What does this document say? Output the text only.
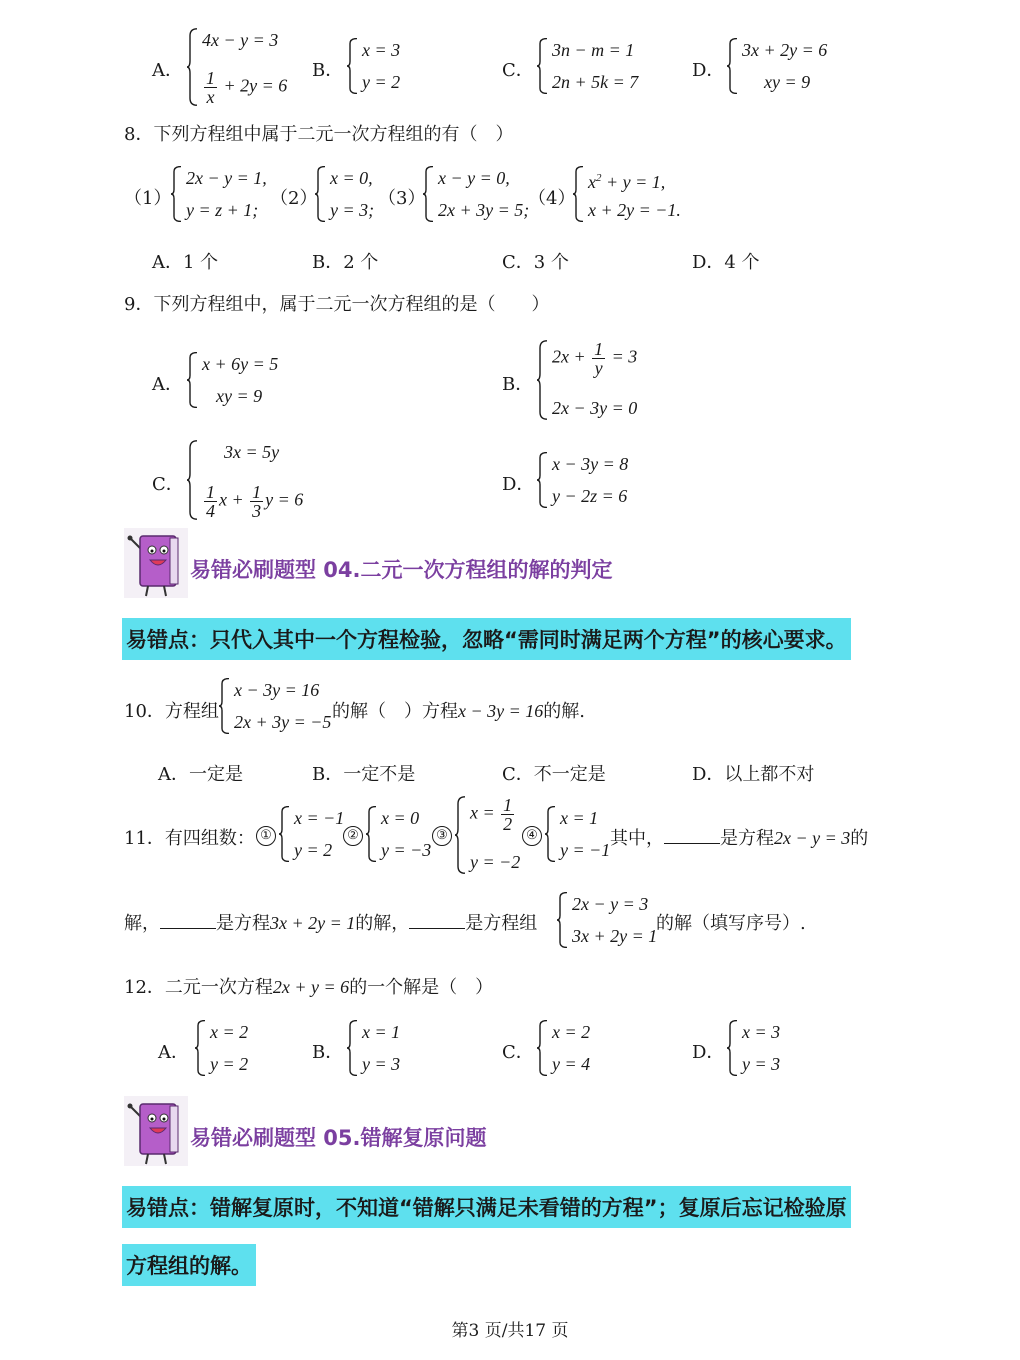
A．
4x − y = 3
$\frac{1}{x} + 2y = 6$
B．
x = 3
y = 2
C．
3n − m = 1
2n + 5k = 7
D．
3x + 2y = 6
xy = 9
8．下列方程组中属于二元一次方程组的有（　）
（1）
2x − y = 1,
y = z + 1;
（2）
x = 0,
y = 3;
（3）
x − y = 0,
2x + 3y = 5;
（4）
$x^2 + y = 1$,
x + 2y = −1.
A．1 个	B．2 个	C．3 个	D．4 个
9．下列方程组中，属于二元一次方程组的是（　　）
A．
x + 6y = 5
xy = 9
B．
$2x + \frac{1}{y} = 3$
2x − 3y = 0
C．
3x = 5y
$\frac{1}{4}$ $x + \frac{1}{3}$ y = 6
D．
x − 3y = 8
y − 2z = 6
易错必刷题型 04.二元一次方程组的解的判定
易错点：只代入其中一个方程检验，忽略“需同时满足两个方程”的核心要求。
10．方程组
x − 3y = 16
2x + 3y = −5 的解（　）方程x − 3y = 16的解.
A．一定是	B．一定不是	C．不一定是	D．以上都不对
11．有四组数： ①
x = −1
y = 2
②
x = 0
y = −3
③
$x = \frac{1}{2}$
y = −2
④
x = 1
y = −1
其中，	是方程2x − y = 3的
解，	是方程3x + 2y = 1的解，	是方程组
2x − y = 3
3x + 2y = 1
的解（填写序号）.
12．二元一次方程2x + y = 6的一个解是（　）
A．
x = 2
y = 2
B．
x = 1
y = 3
C．
x = 2
y = 4
D．
x = 3
y = 3
易错必刷题型 05.错解复原问题
易错点：错解复原时，不知道“错解只满足未看错的方程”；复原后忘记检验原
方程组的解。
第3 页/共17 页
